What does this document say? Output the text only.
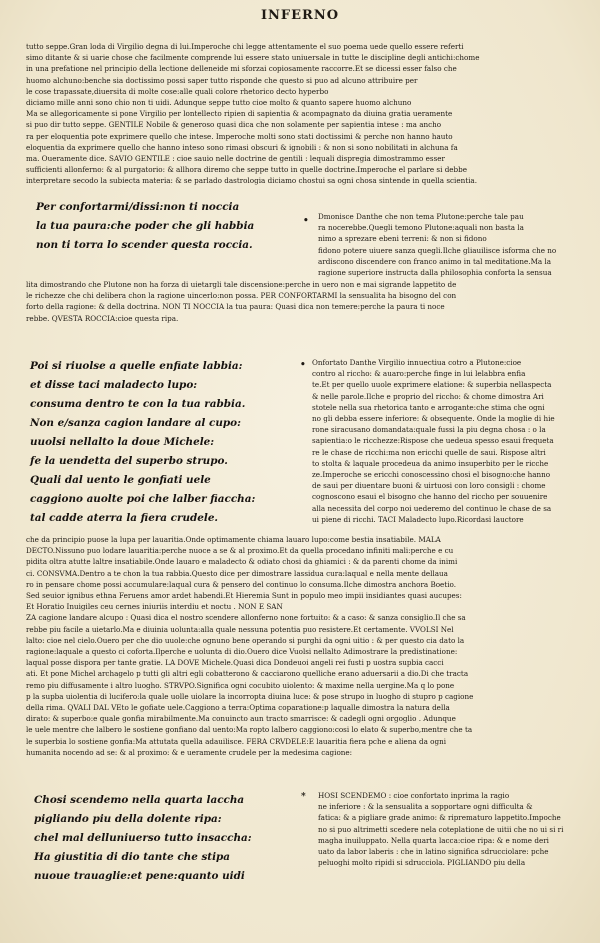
INFERNO
tutto seppe.Gran loda di Virgilio degna di lui.Imperoche chi legge attentamente el suo poema uede quello essere referti
simo ditante & si uarie chose che facilmente comprende lui essere stato uniuersale in tutte le discipline degli antichi:chome
in una prefatione nel principio della lectione delleneide mi sforzai copiosamente raccorre.Et se dicessi esser falso che
huomo alchuno:benche sia doctissimo possi saper tutto risponde che questo si puo ad alcuno attribuire per
le cose trapassate,diuersita di molte cose:alle quali colore rhetorico decto hyperbo
diciamo mille anni sono chio non ti uidi. Adunque seppe tutto cioe molto & quanto sapere huomo alchuno
Ma se allegoricamente si pone Virgilio per lontellecto ripien di sapientia & acompagnato da diuina gratia ueramente
si puo dir tutto seppe. GENTILE Nobile & generoso quasi dica che non solamente per sapientia intese : ma ancho
ra per eloquentia pote exprimere quello che intese. Imperoche molti sono stati doctissimi & perche non hanno hauto
eloquentia da exprimere quello che hanno inteso sono rimasi obscuri & ignobili : & non si sono nobilitati in alchuna fa
ma. Oueramente dice. SAVIO GENTILE : cioe sauio nelle doctrine de gentili : lequali dispregia dimostrammo esser
sufficienti allonferno: & al purgatorio: & allhora diremo che seppe tutto in quelle doctrine.Imperoche el parlare si debbe
interpretare secodo la subiecta materia: & se parlado dastrologia diciamo chostui sa ogni chosa sintende in quella scientia.
Per confortarmi/dissi:non ti noccia
la tua paura:che poder che gli habbia
non ti torra lo scender questa roccia.
• Dmonisce Danthe che non tema Plutone:perche tale pau
ra nocerebbe.Quegli temono Plutone:aquali non basta la
nimo a sprezare ebeni terreni: & non si fidono
fidono potere uiuere sanza quegli.Ilche gliauilisce isforma che no
ardiscono discendere con franco animo in tal meditatione.Ma la
ragione superiore instructa dalla philosophia conforta la sensua
lita dimostrando che Plutone non ha forza di uietargli tale discensione:perche in uero non e mai sigrande lappetito de
le richezze che chi delibera chon la ragione uincerlo:non possa. PER CONFORTARMI la sensualita ha bisogno del con
forto della ragione: & della doctrina. NON TI NOCCIA la tua paura: Quasi dica non temere:perche la paura ti noce
rebbe. QVESTA ROCCIA:cioe questa ripa.
Poi si riuolse a quelle enfiate labbia:
et disse taci maladecto lupo:
consuma dentro te con la tua rabbia.
Non e/sanza cagion landare al cupo:
uuolsi nellalto la doue Michele:
fe la uendetta del superbo strupo.
Quali dal uento le gonfiati uele
caggiono auolte poi che lalber fiaccha:
tal cadde aterra la fiera crudele.
• Onfortato Danthe Virgilio innuectiua cotro a Plutone:cioe
contro al riccho: & auaro:perche finge in lui lelabbra enfia
te.Et per quello uuole exprimere elatione: & superbia nellaspecta
& nelle parole.Ilche e proprio del riccho: & chome dimostra Ari
stotele nella sua rhetorica tanto e arrogante:che stima che ogni
no gli debba essere inferiore: & obsequente. Onde la moglie di hie
rone siracusano domandata:quale fussi la piu degna chosa : o la
sapientia:o le ricchezze:Rispose che uedeua spesso esaui frequeta
re le chase de ricchi:ma non ericchi quelle de saui. Rispose altri
to stolta & laquale procedeua da animo insuperbito per le ricche
ze.Imperoche se ericchi conoscessino chosi el bisogno:che hanno
de saui per diuentare buoni & uirtuosi con loro consigli : chome
cognoscono esaui el bisogno che hanno del riccho per souuenire
alla necessita del corpo noi uederemo del continuo le chase de sa
ui piene di ricchi. TACI Maladecto lupo.Ricordasi lauctore
che da principio puose la lupa per lauaritia.Onde optimamente chiama lauaro lupo:come bestia insatiabile. MALA
DECTO.Nissuno puo lodare lauaritia:perche nuoce a se & al proximo.Et da quella procedano infiniti mali:perche e cu
pidita oltra atutte laltre insatiabile.Onde lauaro e maladecto & odiato chosi da ghiamici : & da parenti chome da inimi
ci. CONSVMA.Dentro a te chon la tua rabbia.Questo dice per dimostrare lassidua cura:laqual e nella mente dellaua
ro in pensare chome possi accumulare:laqual cura & pensero del continuo lo consuma.Ilche dimostra anchora Boetio.
Sed seuior ignibus ethna Feruens amor ardet habendi.Et Hieremia Sunt in populo meo impii insidiantes quasi aucupes:
Et Horatio Inuigiles ceu cernes iniuriis interdiu et noctu . NON E SAN
ZA cagione landare alcupo : Quasi dica el nostro scendere allonferno none fortuito: & a caso: & sanza consiglio.Il che sa
rebbe piu facile a uietarlo.Ma e diuinia uolunta:alla quale nessuna potentia puo resistere.Et certamente. VVOLSI Nel
lalto: cioe nel cielo.Ouero per che dio uuole:che ognuno bene operando si purghi da ogni uitio : & per questo cia dato la
ragione:laquale a questo ci coforta.Ilperche e uolunta di dio.Ouero dice Vuolsi nellalto Adimostrare la predistinatione:
laqual posse dispora per tante gratie. LA DOVE Michele.Quasi dica Dondeuoi angeli rei fusti p uostra supbia cacci
ati. Et pone Michel archagelo p tutti gli altri egli cobatterono & cacciarono quelliche erano aduersarii a dio.Di che tracta
remo piu diffusamente i altro luogho. STRVPO.Significa ogni cocubito uiolento: & maxime nella uergine.Ma q lo pone
p la supba uiolentia di lucifero:la quale uolle uiolare la incorropta diuina luce: & pose strupo in luogho di stupro p cagione
della rima. QVALI DAL VEto le gofiate uele.Caggiono a terra:Optima coparatione:p laqualle dimostra la natura della
dirato: & superbo:e quale gonfia mirabilmente.Ma conuincto aun tracto smarrisce: & cadegli ogni orgoglio . Adunque
le uele mentre che lalbero le sostiene gonfiano dal uento:Ma ropto lalbero caggiono:cosi lo elato & superbo,mentre che ta
le superbia lo sostiene gonfia:Ma attutata quella adauilisce. FERA CRVDELE:E lauaritia fiera pche e aliena da ogni
humanita nocendo ad se: & al proximo: & e ueramente crudele per la medesima cagione:
Chosi scendemo nella quarta laccha
pigliando piu della dolente ripa:
chel mal delluniuerso tutto insaccha:
Ha giustitia di dio tante che stipa
nuoue trauaglie:et pene:quanto uidi
* HOSI SCENDEMO : cioe confortato inprima la ragio
ne inferiore : & la sensualita a sopportare ogni difficulta &
fatica: & a pigliare grade animo: & riprematuro lappetito.Impoche
no si puo altrimetti scedere nela coteplatione de uitii che no ui si ri
magha inuiluppato. Nella quarta lacca:cioe ripa: & e nome deri
uato da labor laberis : che in latino significa sdrucciolare: pche
peluoghi molto ripidi si sdrucciola. PIGLIANDO piu della
